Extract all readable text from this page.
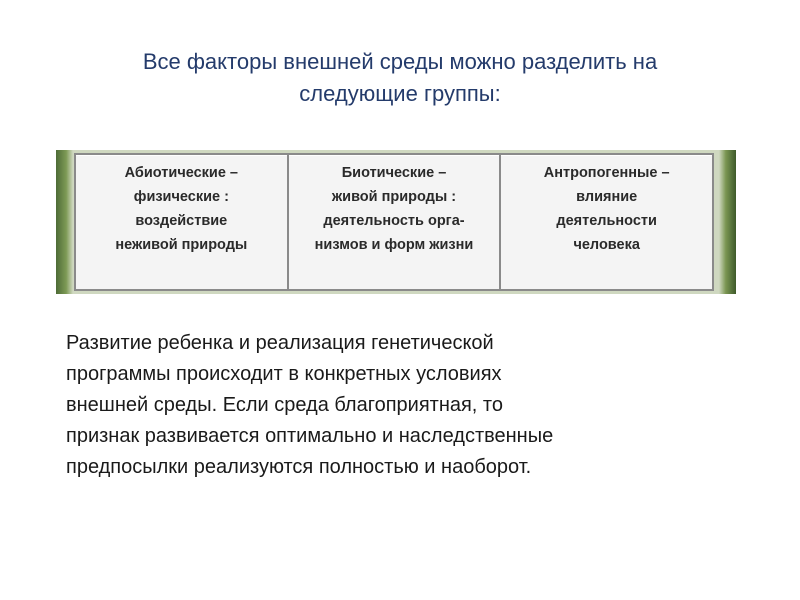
Все факторы внешней среды можно разделить на
следующие группы:
Абиотические –
физические :
воздействие
неживой природы
Биотические –
живой природы :
деятельность орга-
низмов и форм жизни
Антропогенные –
влияние
деятельности
человека
Развитие ребенка и реализация генетической
программы происходит в конкретных условиях
внешней среды. Если среда благоприятная, то
признак развивается оптимально и наследственные
предпосылки реализуются полностью и наоборот.
